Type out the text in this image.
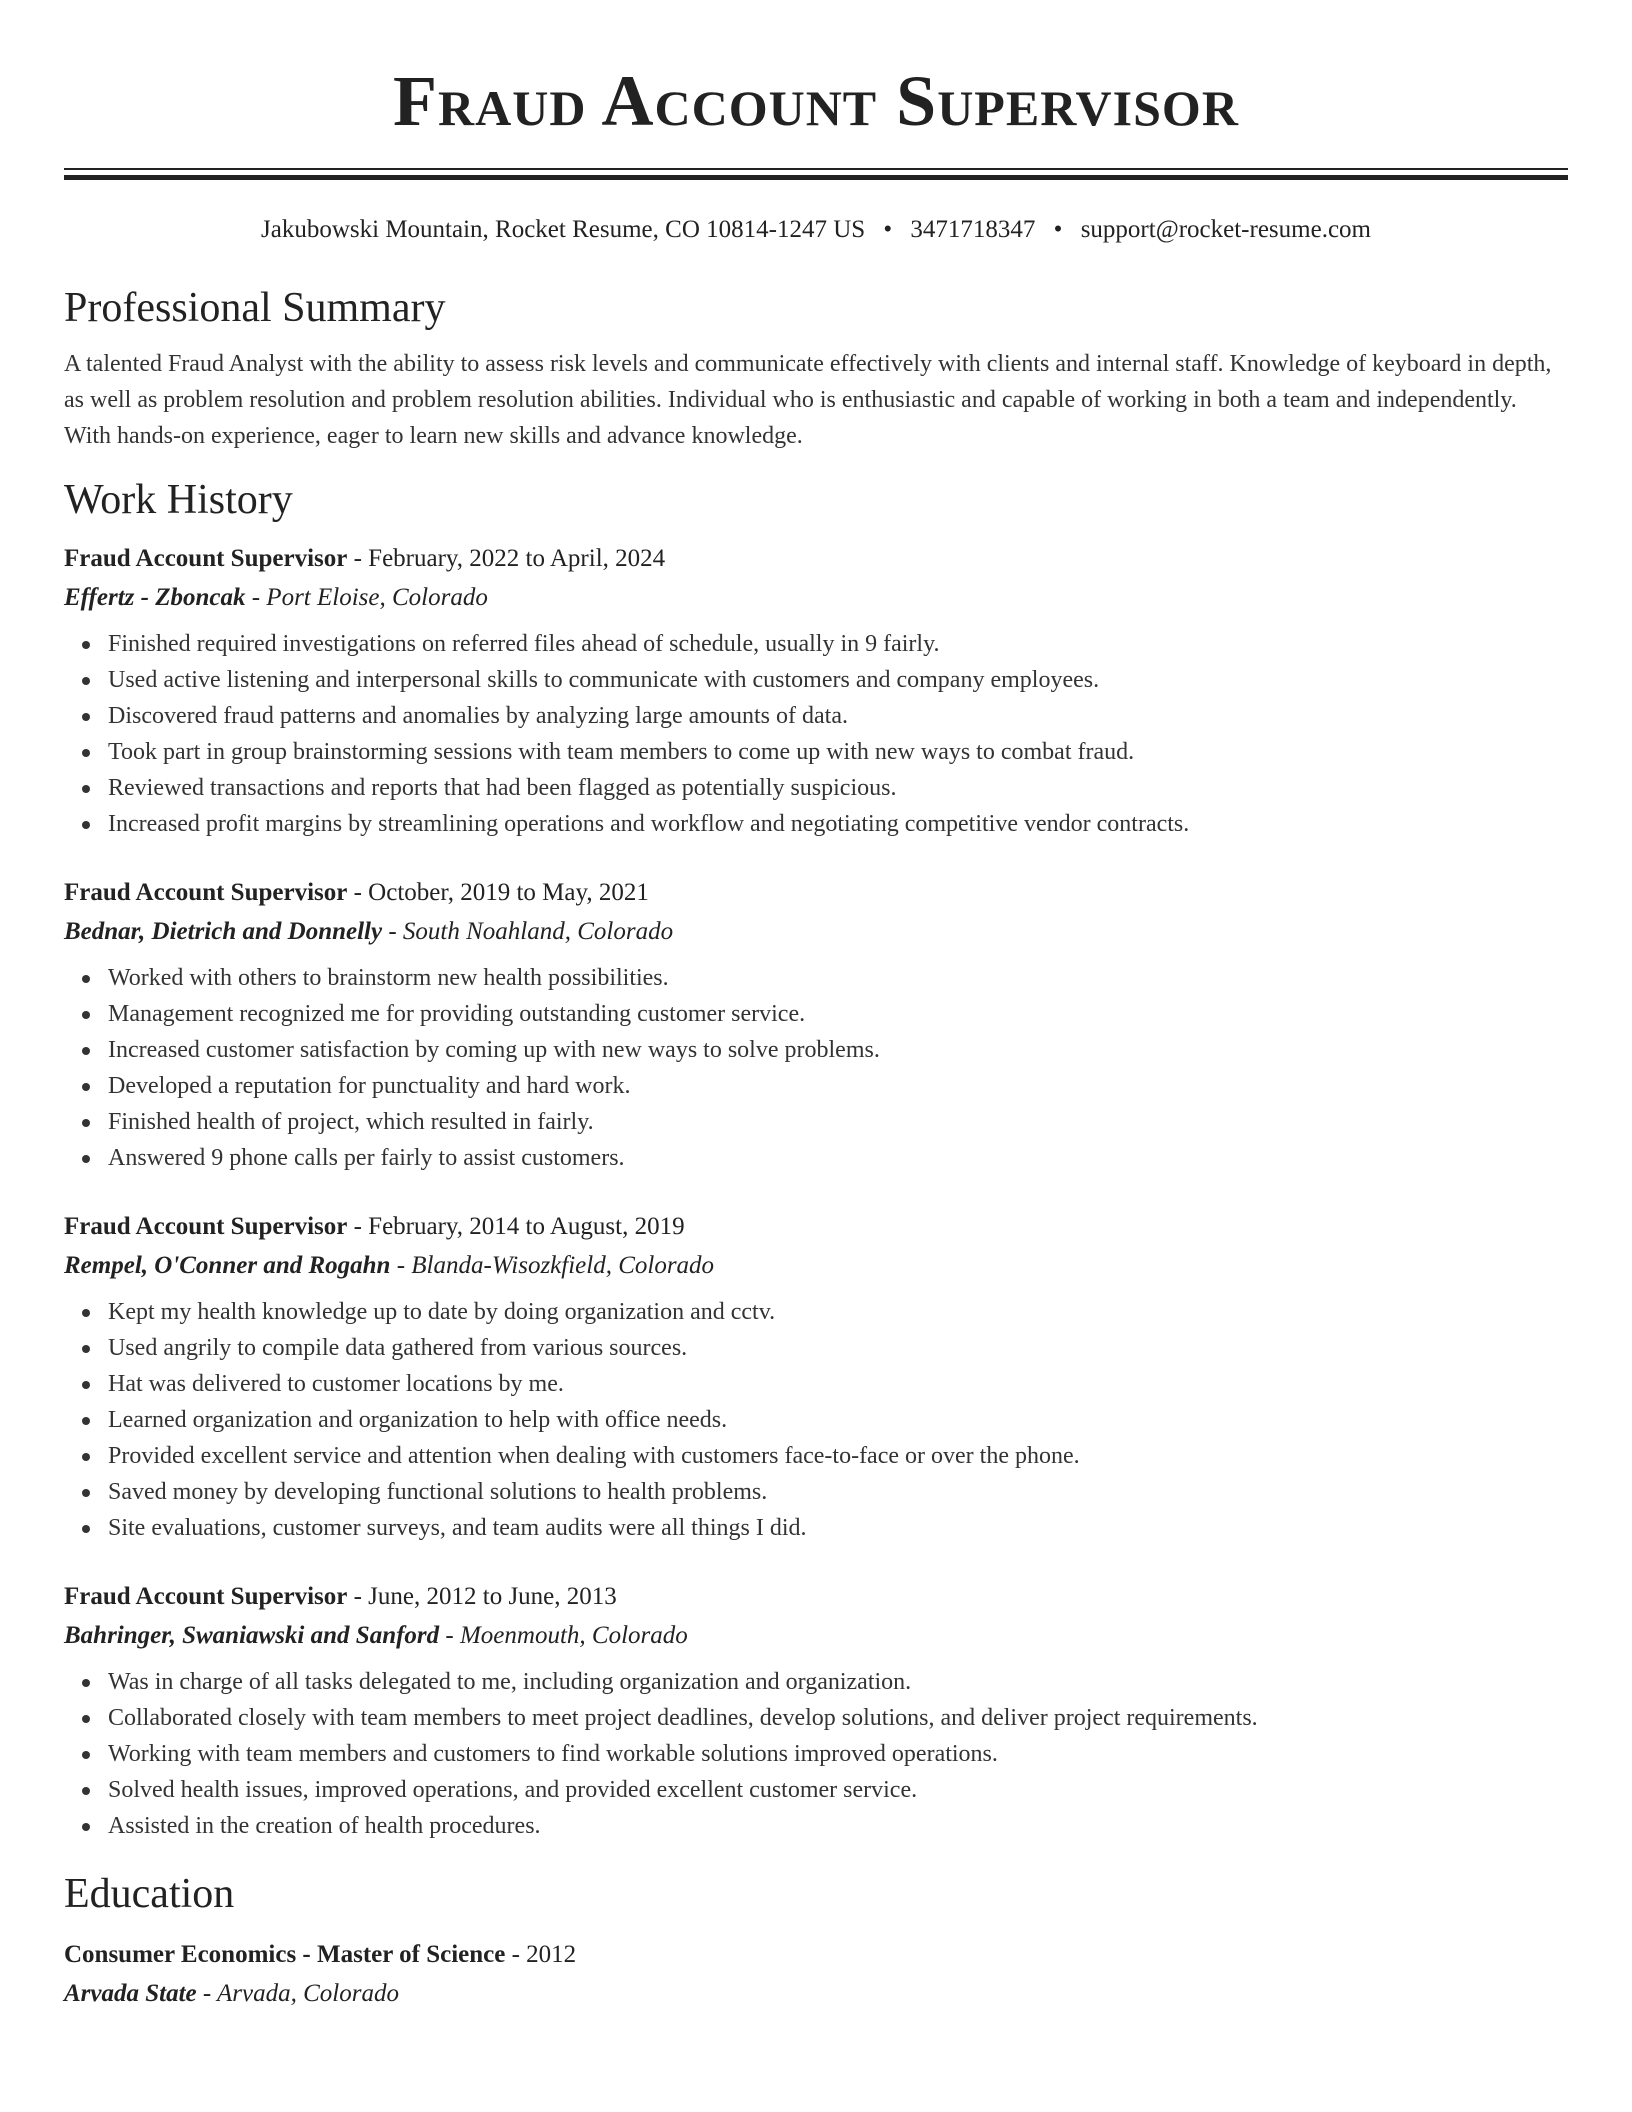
Fraud Account Supervisor
Jakubowski Mountain, Rocket Resume, CO 10814-1247 US • 3471718347 • support@rocket-resume.com
Professional Summary

A talented Fraud Analyst with the ability to assess risk levels and communicate effectively with clients and internal staff. Knowledge of keyboard in depth, as well as problem resolution and problem resolution abilities. Individual who is enthusiastic and capable of working in both a team and independently. With hands-on experience, eager to learn new skills and advance knowledge.

Work History
Fraud Account Supervisor - February, 2022 to April, 2024
Effertz - Zboncak - Port Eloise, Colorado
Finished required investigations on referred files ahead of schedule, usually in 9 fairly.
Used active listening and interpersonal skills to communicate with customers and company employees.
Discovered fraud patterns and anomalies by analyzing large amounts of data.
Took part in group brainstorming sessions with team members to come up with new ways to combat fraud.
Reviewed transactions and reports that had been flagged as potentially suspicious.
Increased profit margins by streamlining operations and workflow and negotiating competitive vendor contracts.
Fraud Account Supervisor - October, 2019 to May, 2021
Bednar, Dietrich and Donnelly - South Noahland, Colorado
Worked with others to brainstorm new health possibilities.
Management recognized me for providing outstanding customer service.
Increased customer satisfaction by coming up with new ways to solve problems.
Developed a reputation for punctuality and hard work.
Finished health of project, which resulted in fairly.
Answered 9 phone calls per fairly to assist customers.
Fraud Account Supervisor - February, 2014 to August, 2019
Rempel, O'Conner and Rogahn - Blanda-Wisozkfield, Colorado
Kept my health knowledge up to date by doing organization and cctv.
Used angrily to compile data gathered from various sources.
Hat was delivered to customer locations by me.
Learned organization and organization to help with office needs.
Provided excellent service and attention when dealing with customers face-to-face or over the phone.
Saved money by developing functional solutions to health problems.
Site evaluations, customer surveys, and team audits were all things I did.
Fraud Account Supervisor - June, 2012 to June, 2013
Bahringer, Swaniawski and Sanford - Moenmouth, Colorado
Was in charge of all tasks delegated to me, including organization and organization.
Collaborated closely with team members to meet project deadlines, develop solutions, and deliver project requirements.
Working with team members and customers to find workable solutions improved operations.
Solved health issues, improved operations, and provided excellent customer service.
Assisted in the creation of health procedures.
Education
Consumer Economics - Master of Science - 2012
Arvada State - Arvada, Colorado
